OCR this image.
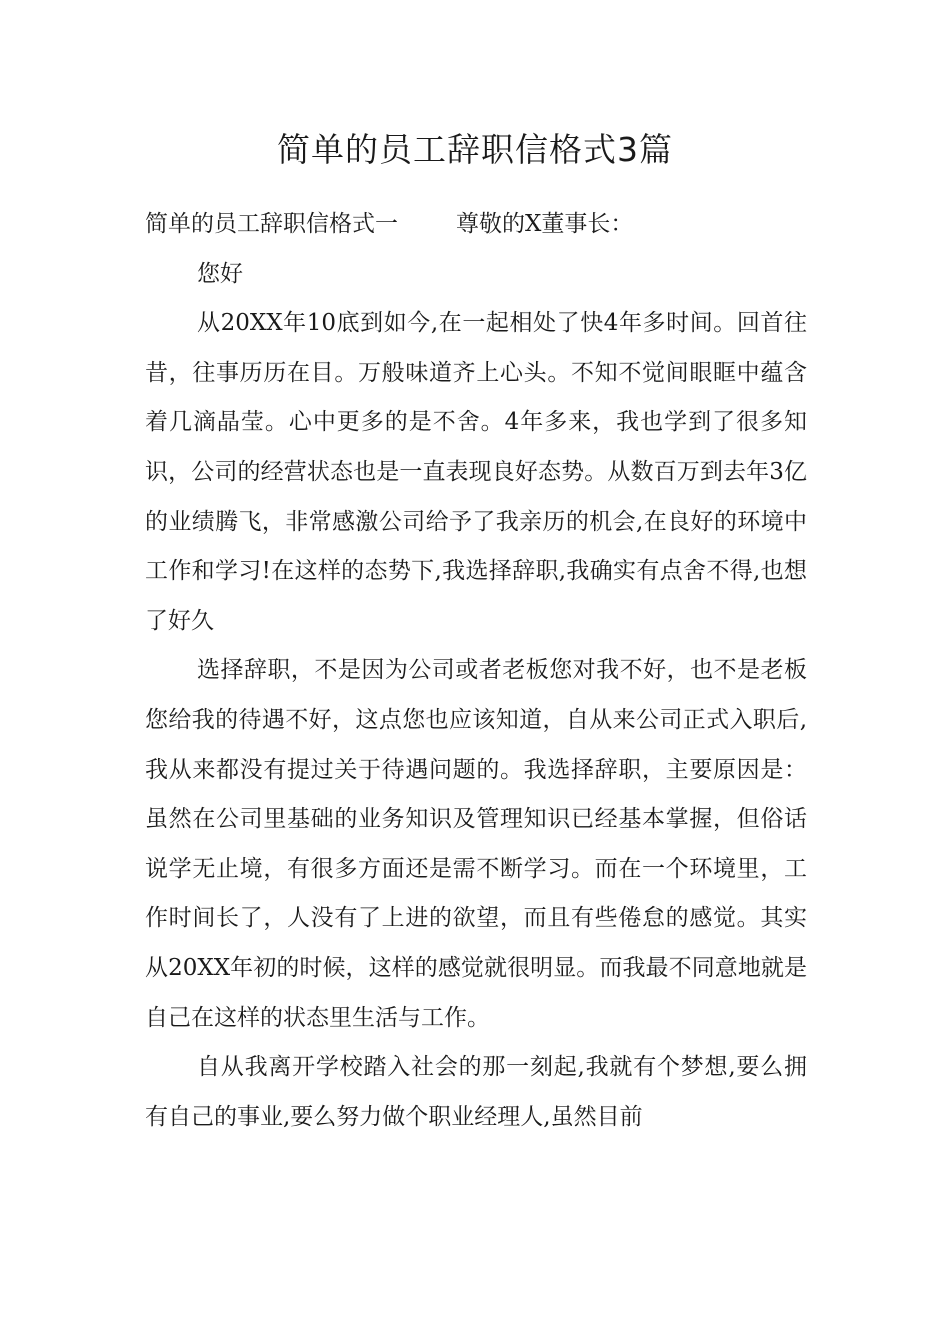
简单的员工辞职信格式3篇

简单的员工辞职信格式一	尊敬的X董事长：

您好

从20XX年10底到如今,在一起相处了快4年多时间。回首往昔，往事历历在目。万般味道齐上心头。不知不觉间眼眶中蕴含着几滴晶莹。心中更多的是不舍。4年多来，我也学到了很多知识，公司的经营状态也是一直表现良好态势。从数百万到去年3亿的业绩腾飞，非常感激公司给予了我亲历的机会,在良好的环境中工作和学习!在这样的态势下,我选择辞职,我确实有点舍不得,也想了好久

选择辞职，不是因为公司或者老板您对我不好，也不是老板您给我的待遇不好，这点您也应该知道，自从来公司正式入职后,我从来都没有提过关于待遇问题的。我选择辞职，主要原因是：虽然在公司里基础的业务知识及管理知识已经基本掌握，但俗话说学无止境，有很多方面还是需不断学习。而在一个环境里，工作时间长了，人没有了上进的欲望，而且有些倦怠的感觉。其实从20XX年初的时候，这样的感觉就很明显。而我最不同意地就是自己在这样的状态里生活与工作。

自从我离开学校踏入社会的那一刻起,我就有个梦想,要么拥有自己的事业,要么努力做个职业经理人,虽然目前
